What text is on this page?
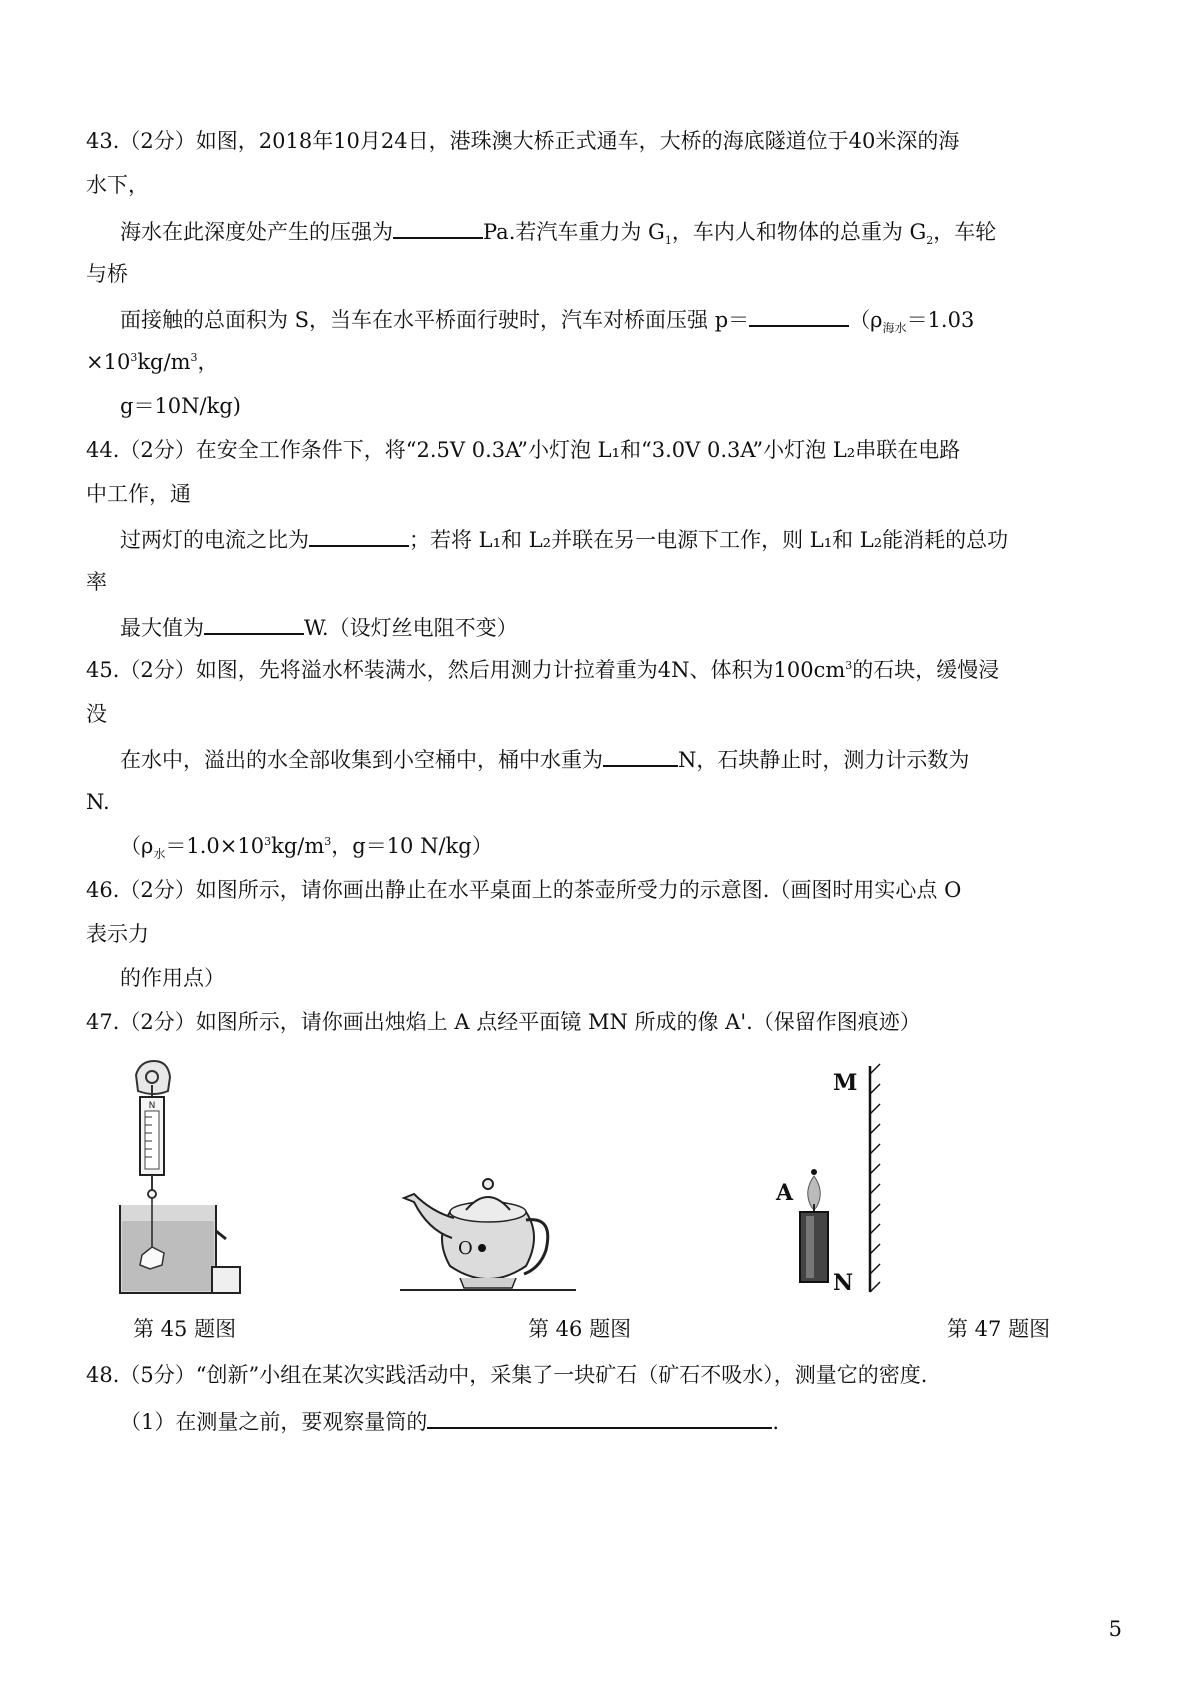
43.（2分）如图，2018年10月24日，港珠澳大桥正式通车，大桥的海底隧道位于40米深的海
水下，
海水在此深度处产生的压强为	Pa.若汽车重力为 $G_1$，车内人和物体的总重为 $G_2$，车轮
与桥
面接触的总面积为 S，当车在水平桥面行驶时，汽车对桥面压强 p＝	（$\rho_{海水}=1.03$
$\times 10^3kg/m^3$，
g＝10N/kg)
44.（2分）在安全工作条件下，将“2.5V 0.3A”小灯泡 L₁和“3.0V 0.3A”小灯泡 L₂串联在电路
中工作，通
过两灯的电流之比为	；若将 L₁和 L₂并联在另一电源下工作，则 L₁和 L₂能消耗的总功
率
最大值为	W.（设灯丝电阻不变）
45.（2分）如图，先将溢水杯装满水，然后用测力计拉着重为4N、体积为$100cm^3$的石块，缓慢浸
没
在水中，溢出的水全部收集到小空桶中，桶中水重为	N，石块静止时，测力计示数为
N.
（$\rho_水=1.0\times 10^3kg/m^3$，g＝10 N/kg）
46.（2分）如图所示，请你画出静止在水平桌面上的茶壶所受力的示意图.（画图时用实心点 O
表示力
的作用点）
47.（2分）如图所示，请你画出烛焰上 A 点经平面镜 MN 所成的像 A'.（保留作图痕迹）
N
O
A
M
N
第 45 题图	第 46 题图	第 47 题图
48.（5分）“创新”小组在某次实践活动中，采集了一块矿石（矿石不吸水），测量它的密度.
（1）在测量之前，要观察量筒的	.
5
